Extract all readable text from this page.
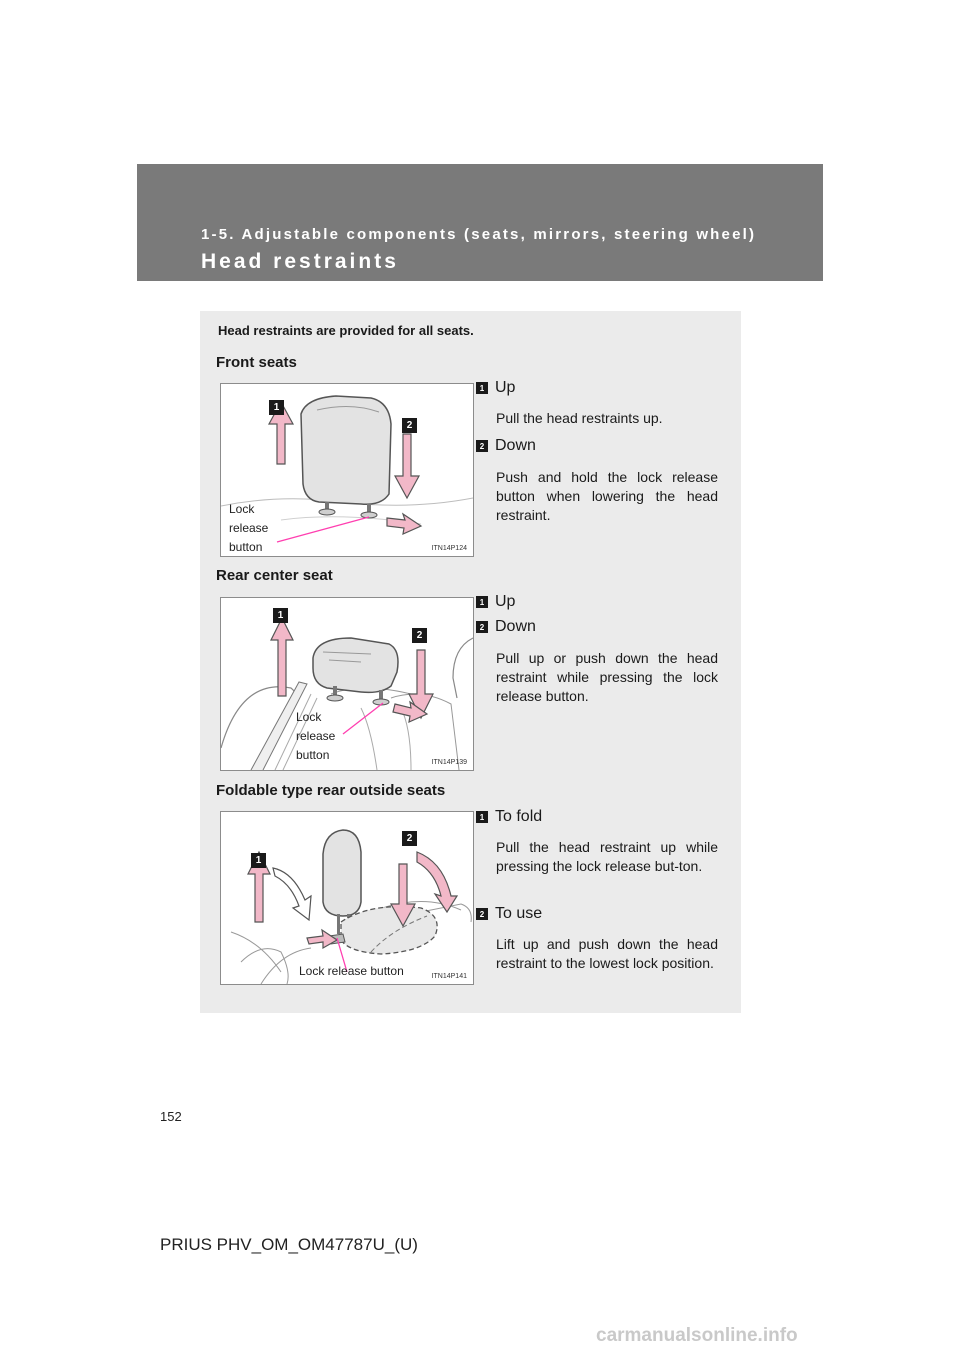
1-5. Adjustable components (seats, mirrors, steering wheel)
Head restraints
Head restraints are provided for all seats.
Front seats
1
2
Lock
release
button	ITN14P124
1 Up
Pull the head restraints up.
2 Down
Push and hold the lock release button when lowering the head restraint.
Rear center seat
1
2
Lock
release
button
ITN14P139
1 Up
2 Down
Pull up or push down the head restraint while pressing the lock release button.
Foldable type rear outside seats
1
2
Lock release button	ITN14P141
1 To fold
Pull the head restraint up while pressing the lock release but-ton.
2 To use
Lift up and push down the head restraint to the lowest lock position.
152
PRIUS PHV_OM_OM47787U_(U)
carmanualsonline.info
